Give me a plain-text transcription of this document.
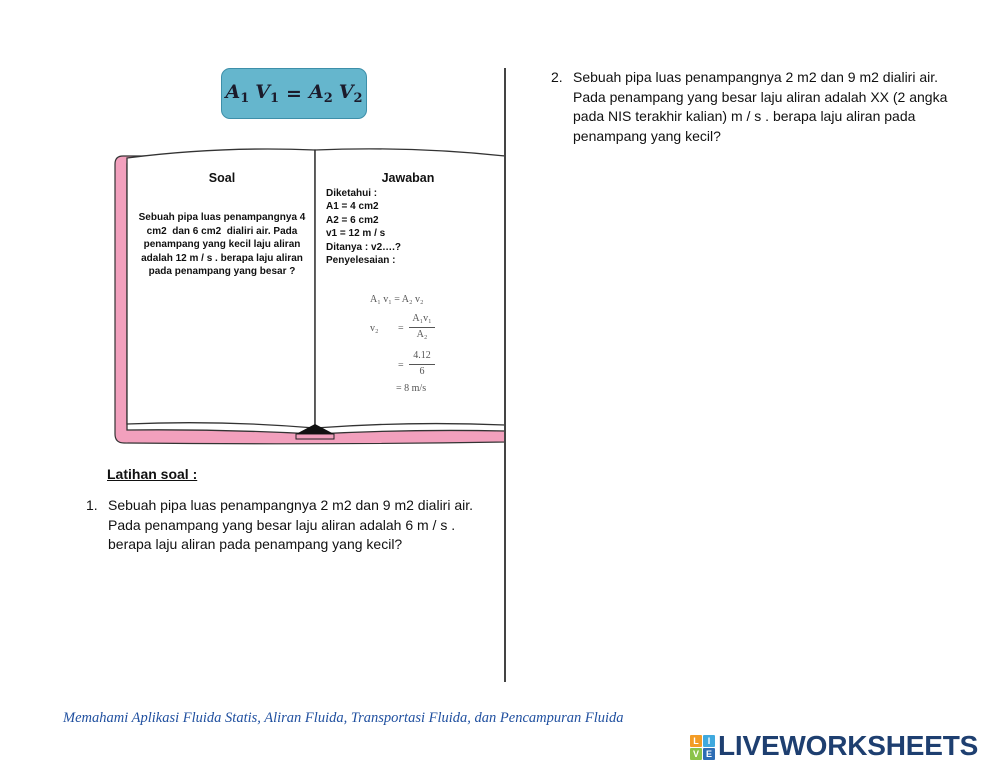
$A_1$ $V_1 = A_2$ $V_2$
Soal
Sebuah pipa luas penampangnya 4
cm2  dan 6 cm2  dialiri air. Pada
penampang yang kecil laju aliran
adalah 12 m / s . berapa laju aliran
pada penampang yang besar ?
Jawaban
Diketahui :
A1 = 4 cm2
A2 = 6 cm2
v1 = 12 m / s
Ditanya : v2….?
Penyelesaian :
A₁ v₁ = A₂ v₂
$v_2 = \frac{\text{A₁v₁}}{\text{A₂}}$
= $\frac{4.12}{6}$
= 8 m/s
Latihan soal :
1. Sebuah pipa luas penampangnya 2 m2 dan 9 m2 dialiri air.
Pada penampang yang besar laju aliran adalah 6 m / s .
berapa laju aliran pada penampang yang kecil?
2. Sebuah pipa luas penampangnya 2 m2 dan 9 m2 dialiri air.
Pada penampang yang besar laju aliran adalah XX (2 angka
pada NIS terakhir kalian) m / s . berapa laju aliran pada
penampang yang kecil?
Memahami Aplikasi Fluida Statis, Aliran Fluida, Transportasi Fluida, dan Pencampuran Fluida
L I
V E LIVEWORKSHEETS
